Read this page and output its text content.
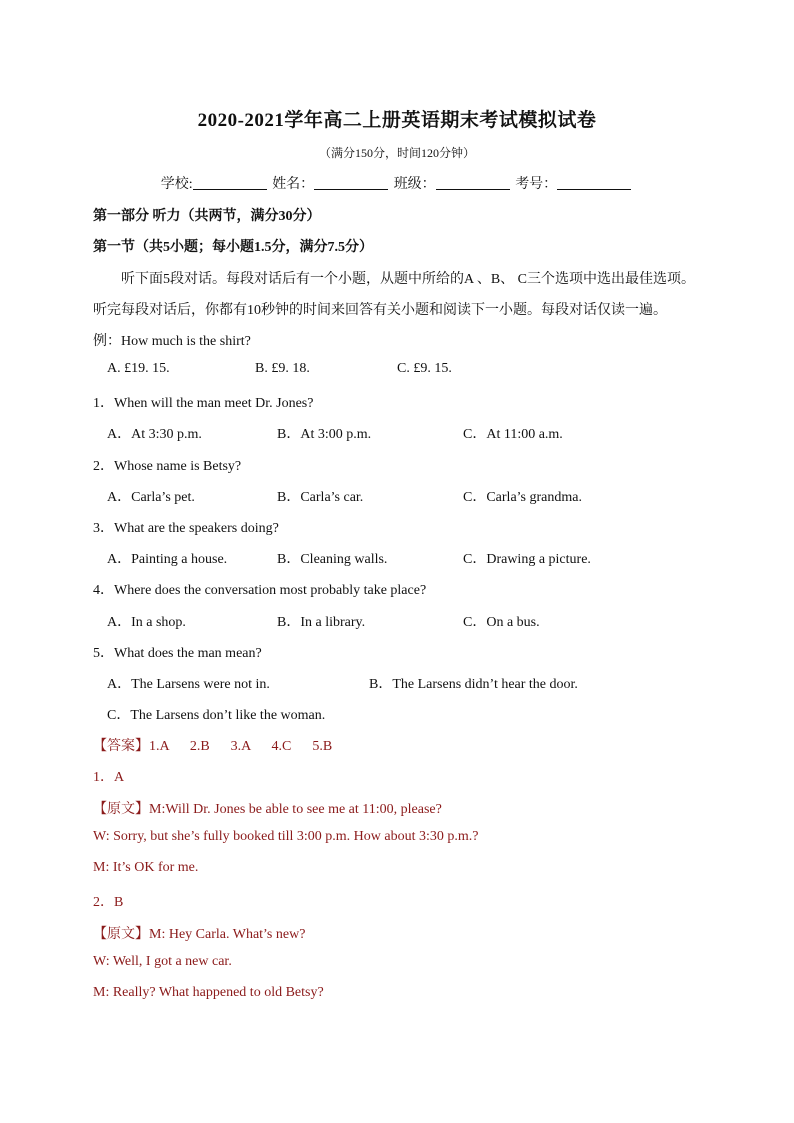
2020-2021学年高二上册英语期末考试模拟试卷
（满分150分，时间120分钟）
学校:	姓名：	班级：	考号：
第一部分 听力（共两节，满分30分）
第一节（共5小题；每小题1.5分，满分7.5分）
听下面5段对话。每段对话后有一个小题，从题中所给的A 、B、 C三个选项中选出最佳选项。
听完每段对话后，你都有10秒钟的时间来回答有关小题和阅读下一小题。每段对话仅读一遍。
例：How much is the shirt?
A. £19. 15.	B. £9. 18.	C. £9. 15.
1．When will the man meet Dr. Jones?
A．At 3:30 p.m.	B．At 3:00 p.m.	C．At 11:00 a.m.
2．Whose name is Betsy?
A．Carla’s pet.	B．Carla’s car.	C．Carla’s grandma.
3．What are the speakers doing?
A．Painting a house.	B．Cleaning walls.	C．Drawing a picture.
4．Where does the conversation most probably take place?
A．In a shop.	B．In a library.	C．On a bus.
5．What does the man mean?
A．The Larsens were not in.	B．The Larsens didn’t hear the door.
C．The Larsens don’t like the woman.
【答案】1.A      2.B      3.A      4.C      5.B
1．A
【原文】M:Will Dr. Jones be able to see me at 11:00, please?
W: Sorry, but she’s fully booked till 3:00 p.m. How about 3:30 p.m.?
M: It’s OK for me.
2．B
【原文】M: Hey Carla. What’s new?
W: Well, I got a new car.
M: Really? What happened to old Betsy?
